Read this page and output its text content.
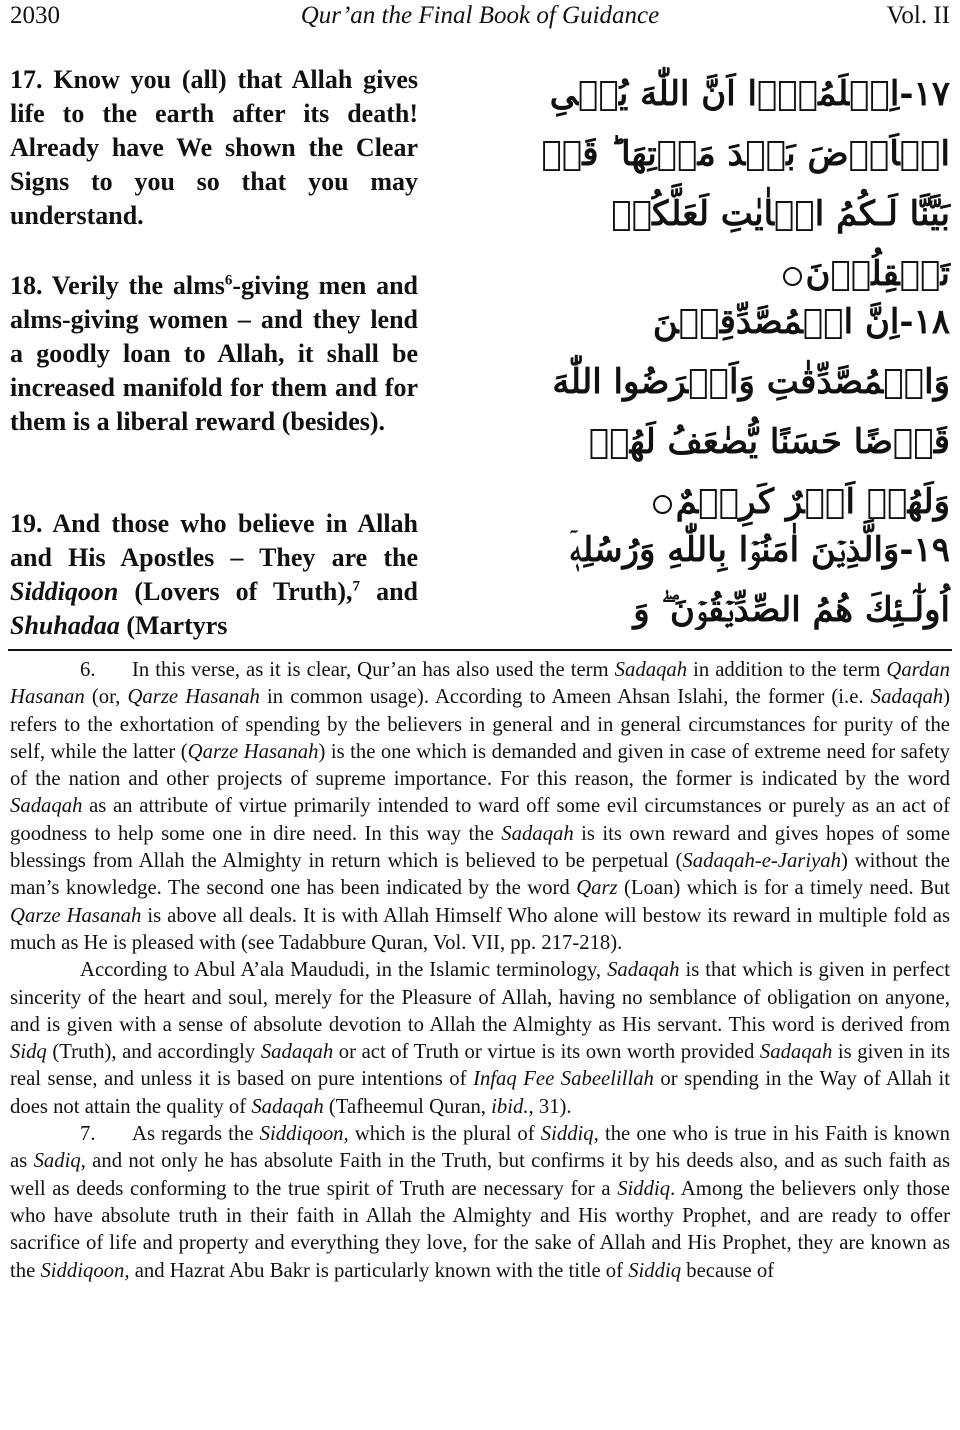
2030	Qur’an the Final Book of Guidance	Vol. II
17. Know you (all) that Allah gives life to the earth after its death! Already have We shown the Clear Signs to you so that you may understand.
١٧-اِعۡلَمُوۡۤا اَنَّ اللّٰهَ يُحۡىِ الۡاَرۡضَ بَعۡدَ مَوۡتِهَا ؕ قَدۡ بَيَّنَّا لَـكُمُ الۡاٰيٰتِ لَعَلَّكُمۡ تَعۡقِلُوۡنَ
18. Verily the alms$^6$-giving men and alms-giving women – and they lend a goodly loan to Allah, it shall be increased manifold for them and for them is a liberal reward (besides).
١٨-اِنَّ الۡمُصَّدِّقِيۡنَ وَالۡمُصَّدِّقٰتِ وَاَقۡرَضُوا اللّٰهَ قَرۡضًا حَسَنًا يُّضٰعَفُ لَهُمۡ وَلَهُمۡ اَجۡرٌ كَرِيۡمٌ
19. And those who believe in Allah and His Apostles – They are the Siddiqoon (Lovers of Truth),$^7$ and Shuhadaa (Martyrs
١٩-وَالَّذِيۡنَ اٰمَنُوۡا بِاللّٰهِ وَرُسُلِهٖۤ اُولٰٓـئِكَ هُمُ الصِّدِّيۡقُوۡنَ ۖ وَ

6. In this verse, as it is clear, Qur’an has also used the term Sadaqah in addition to the term Qardan Hasanan (or, Qarze Hasanah in common usage). According to Ameen Ahsan Islahi, the former (i.e. Sadaqah) refers to the exhortation of spending by the believers in general and in general circumstances for purity of the self, while the latter (Qarze Hasanah) is the one which is demanded and given in case of extreme need for safety of the nation and other projects of supreme importance. For this reason, the former is indicated by the word Sadaqah as an attribute of virtue primarily intended to ward off some evil circumstances or purely as an act of goodness to help some one in dire need. In this way the Sadaqah is its own reward and gives hopes of some blessings from Allah the Almighty in return which is believed to be perpetual (Sadaqah-e-Jariyah) without the man’s knowledge. The second one has been indicated by the word Qarz (Loan) which is for a timely need. But Qarze Hasanah is above all deals. It is with Allah Himself Who alone will bestow its reward in multiple fold as much as He is pleased with (see Tadabbure Quran, Vol. VII, pp. 217-218).

According to Abul A’ala Maududi, in the Islamic terminology, Sadaqah is that which is given in perfect sincerity of the heart and soul, merely for the Pleasure of Allah, having no semblance of obligation on anyone, and is given with a sense of absolute devotion to Allah the Almighty as His servant. This word is derived from Sidq (Truth), and accordingly Sadaqah or act of Truth or virtue is its own worth provided Sadaqah is given in its real sense, and unless it is based on pure intentions of Infaq Fee Sabeelillah or spending in the Way of Allah it does not attain the quality of Sadaqah (Tafheemul Quran, ibid., 31).

7. As regards the Siddiqoon, which is the plural of Siddiq, the one who is true in his Faith is known as Sadiq, and not only he has absolute Faith in the Truth, but confirms it by his deeds also, and as such faith as well as deeds conforming to the true spirit of Truth are necessary for a Siddiq. Among the believers only those who have absolute truth in their faith in Allah the Almighty and His worthy Prophet, and are ready to offer sacrifice of life and property and everything they love, for the sake of Allah and His Prophet, they are known as the Siddiqoon, and Hazrat Abu Bakr is particularly known with the title of Siddiq because of
